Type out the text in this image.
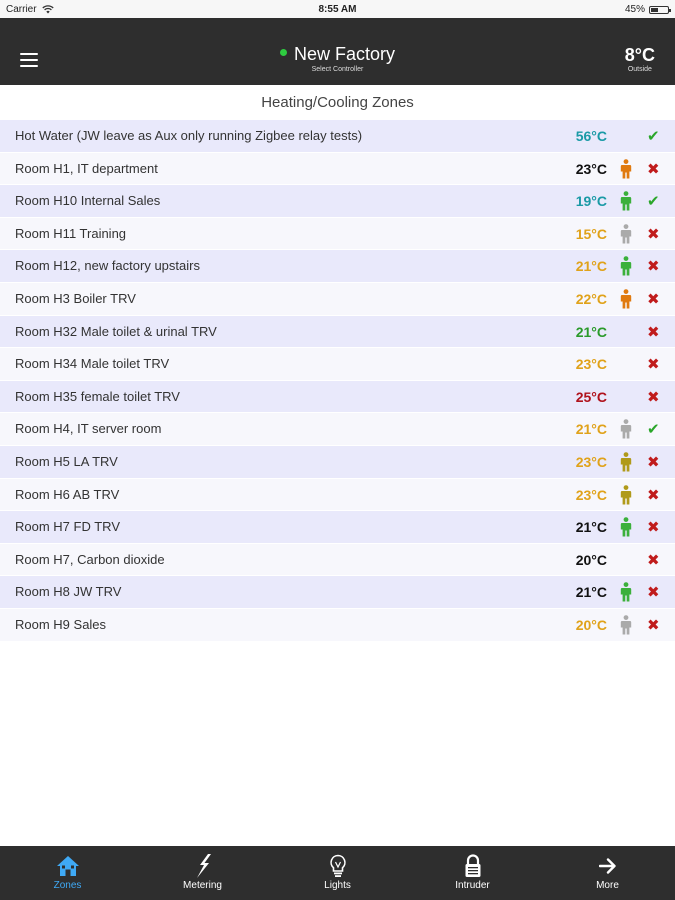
Carrier	8:55 AM	45%
New Factory
Select Controller
8°C
Outside
Heating/Cooling Zones
Hot Water (JW leave as Aux only running Zigbee relay tests)	56°C	✔
Room H1, IT department	23°C	✖
Room H10 Internal Sales	19°C	✔
Room H11 Training	15°C	✖
Room H12, new factory upstairs	21°C	✖
Room H3 Boiler TRV	22°C	✖
Room H32 Male toilet & urinal TRV	21°C	✖
Room H34 Male toilet TRV	23°C	✖
Room H35 female toilet TRV	25°C	✖
Room H4, IT server room	21°C	✔
Room H5 LA TRV	23°C	✖
Room H6 AB TRV	23°C	✖
Room H7 FD TRV	21°C	✖
Room H7, Carbon dioxide	20°C	✖
Room H8 JW TRV	21°C	✖
Room H9 Sales	20°C	✖
Zones	Metering	Lights	Intruder	More
